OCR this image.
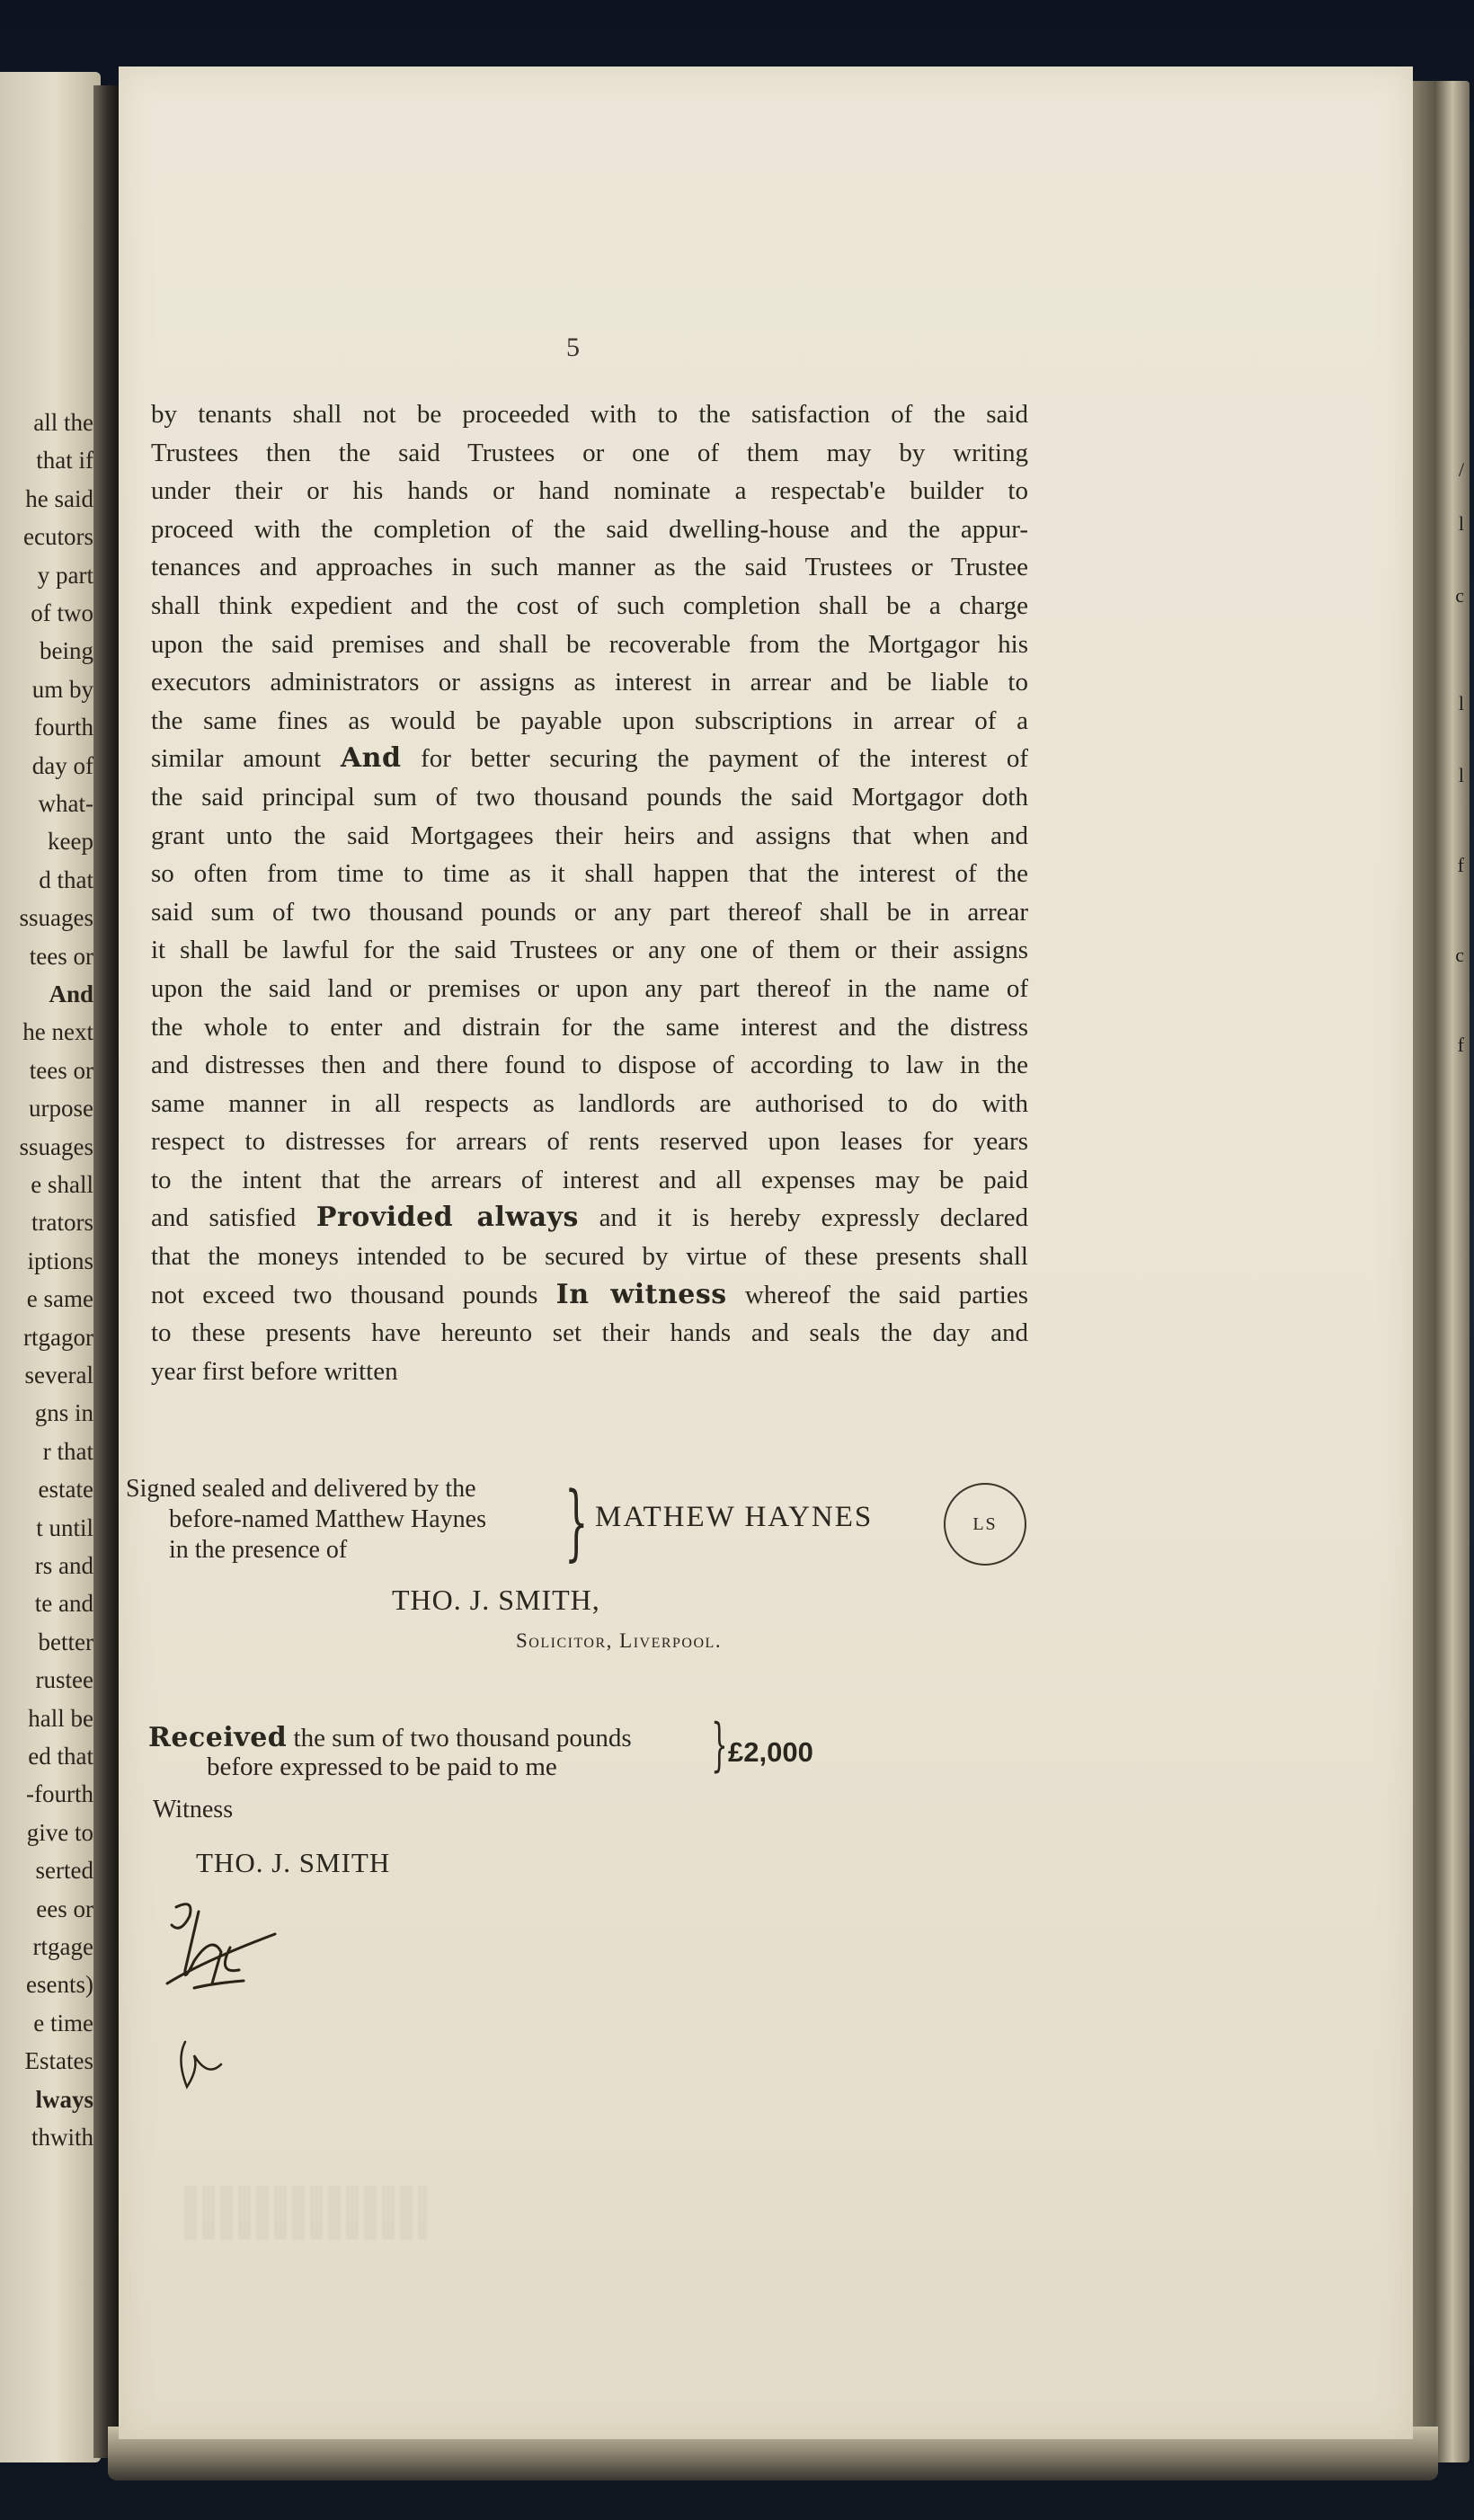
all the
that if
he said
ecutors
y part
of two
being
um by
fourth
day of
what-
keep
d that
ssuages
tees or
And
he next
tees or
urpose
ssuages
e shall
trators
iptions
e same
rtgagor
several
gns in
r that
estate
t until
rs and
te and
better
rustee
hall be
ed that
-fourth
give to
serted
ees or
rtgage
esents)
e time
Estates
lways
thwith
/
l
c
l
l
f
c
f
5
by tenants shall not be proceeded with to the satisfaction of the said
Trustees then the said Trustees or one of them may by writing
under their or his hands or hand nominate a respectab'e builder to
proceed with the completion of the said dwelling-house and the appur-
tenances and approaches in such manner as the said Trustees or Trustee
shall think expedient and the cost of such completion shall be a charge
upon the said premises and shall be recoverable from the Mortgagor his
executors administrators or assigns as interest in arrear and be liable to
the same fines as would be payable upon subscriptions in arrear of a
similar amount And for better securing the payment of the interest of
the said principal sum of two thousand pounds the said Mortgagor doth
grant unto the said Mortgagees their heirs and assigns that when and
so often from time to time as it shall happen that the interest of the
said sum of two thousand pounds or any part thereof shall be in arrear
it shall be lawful for the said Trustees or any one of them or their assigns
upon the said land or premises or upon any part thereof in the name of
the whole to enter and distrain for the same interest and the distress
and distresses then and there found to dispose of according to law in the
same manner in all respects as landlords are authorised to do with
respect to distresses for arrears of rents reserved upon leases for years
to the intent that the arrears of interest and all expenses may be paid
and satisfied Provided always and it is hereby expressly declared
that the moneys intended to be secured by virtue of these presents shall
not exceed two thousand pounds In witness whereof the said parties
to these presents have hereunto set their hands and seals the day and
year first before written
Signed sealed and delivered by the
before-named Matthew Haynes
in the presence of	} MATHEW HAYNES	LS
THO. J. SMITH,
Solicitor, Liverpool.
Received the sum of two thousand pounds
before expressed to be paid to me	} £2,000
Witness
THO. J. SMITH
